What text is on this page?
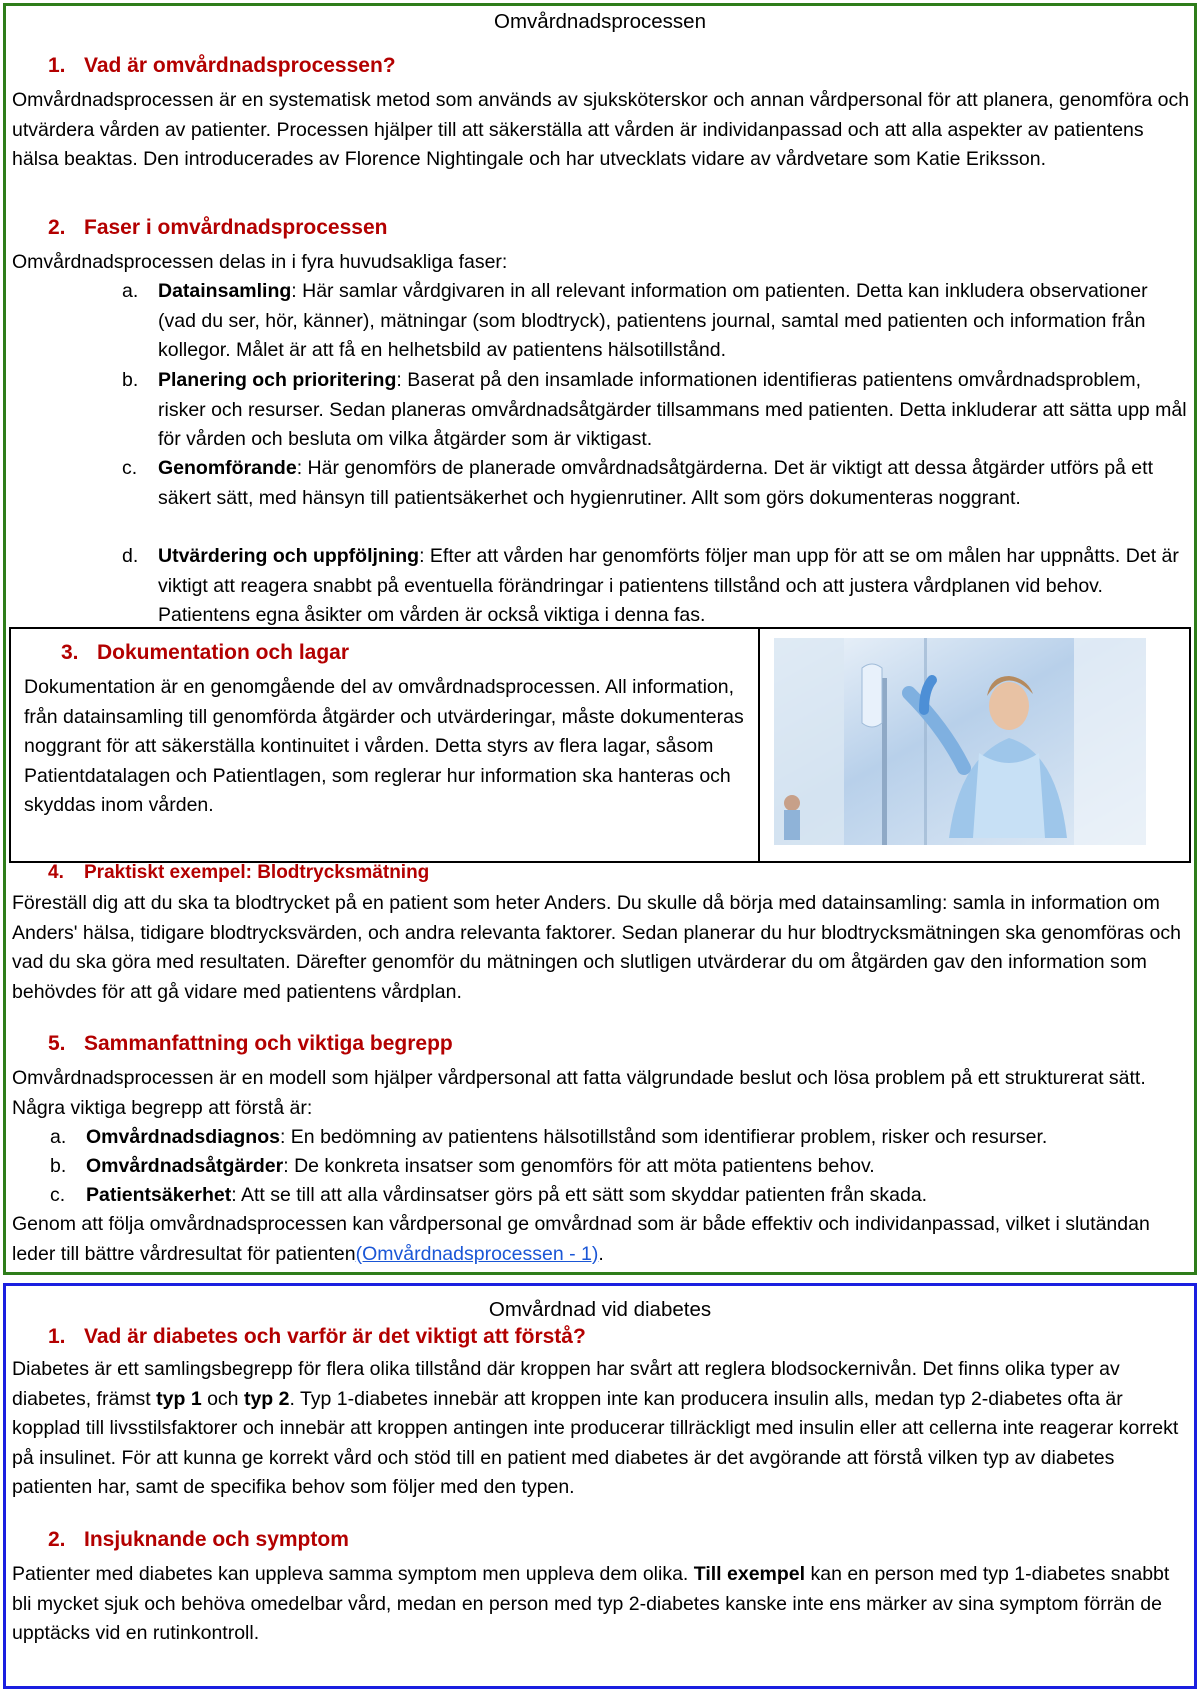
Omvårdnadsprocessen
1. Vad är omvårdnadsprocessen?
Omvårdnadsprocessen är en systematisk metod som används av sjuksköterskor och annan vårdpersonal för att planera, genomföra och utvärdera vården av patienter. Processen hjälper till att säkerställa att vården är individanpassad och att alla aspekter av patientens hälsa beaktas. Den introducerades av Florence Nightingale och har utvecklats vidare av vårdvetare som Katie Eriksson.
2. Faser i omvårdnadsprocessen
Omvårdnadsprocessen delas in i fyra huvudsakliga faser:
a. Datainsamling: Här samlar vårdgivaren in all relevant information om patienten. Detta kan inkludera observationer (vad du ser, hör, känner), mätningar (som blodtryck), patientens journal, samtal med patienten och information från kollegor. Målet är att få en helhetsbild av patientens hälsotillstånd.
b. Planering och prioritering: Baserat på den insamlade informationen identifieras patientens omvårdnadsproblem, risker och resurser. Sedan planeras omvårdnadsåtgärder tillsammans med patienten. Detta inkluderar att sätta upp mål för vården och besluta om vilka åtgärder som är viktigast.
c. Genomförande: Här genomförs de planerade omvårdnadsåtgärderna. Det är viktigt att dessa åtgärder utförs på ett säkert sätt, med hänsyn till patientsäkerhet och hygienrutiner. Allt som görs dokumenteras noggrant.
d. Utvärdering och uppföljning: Efter att vården har genomförts följer man upp för att se om målen har uppnåtts. Det är viktigt att reagera snabbt på eventuella förändringar i patientens tillstånd och att justera vårdplanen vid behov. Patientens egna åsikter om vården är också viktiga i denna fas.
3. Dokumentation och lagar
Dokumentation är en genomgående del av omvårdnadsprocessen. All information, från datainsamling till genomförda åtgärder och utvärderingar, måste dokumenteras noggrant för att säkerställa kontinuitet i vården. Detta styrs av flera lagar, såsom Patientdatalagen och Patientlagen, som reglerar hur information ska hanteras och skyddas inom vården.
4. Praktiskt exempel: Blodtrycksmätning
Föreställ dig att du ska ta blodtrycket på en patient som heter Anders. Du skulle då börja med datainsamling: samla in information om Anders' hälsa, tidigare blodtrycksvärden, och andra relevanta faktorer. Sedan planerar du hur blodtrycksmätningen ska genomföras och vad du ska göra med resultaten. Därefter genomför du mätningen och slutligen utvärderar du om åtgärden gav den information som behövdes för att gå vidare med patientens vårdplan.
5. Sammanfattning och viktiga begrepp
Omvårdnadsprocessen är en modell som hjälper vårdpersonal att fatta välgrundade beslut och lösa problem på ett strukturerat sätt. Några viktiga begrepp att förstå är:
a. Omvårdnadsdiagnos: En bedömning av patientens hälsotillstånd som identifierar problem, risker och resurser.
b. Omvårdnadsåtgärder: De konkreta insatser som genomförs för att möta patientens behov.
c. Patientsäkerhet: Att se till att alla vårdinsatser görs på ett sätt som skyddar patienten från skada.
Genom att följa omvårdnadsprocessen kan vårdpersonal ge omvårdnad som är både effektiv och individanpassad, vilket i slutändan leder till bättre vårdresultat för patienten(Omvårdnadsprocessen - 1).
Omvårdnad vid diabetes
1. Vad är diabetes och varför är det viktigt att förstå?
Diabetes är ett samlingsbegrepp för flera olika tillstånd där kroppen har svårt att reglera blodsockernivån. Det finns olika typer av diabetes, främst typ 1 och typ 2. Typ 1-diabetes innebär att kroppen inte kan producera insulin alls, medan typ 2-diabetes ofta är kopplad till livsstilsfaktorer och innebär att kroppen antingen inte producerar tillräckligt med insulin eller att cellerna inte reagerar korrekt på insulinet. För att kunna ge korrekt vård och stöd till en patient med diabetes är det avgörande att förstå vilken typ av diabetes patienten har, samt de specifika behov som följer med den typen.
2. Insjuknande och symptom
Patienter med diabetes kan uppleva samma symptom men uppleva dem olika. Till exempel kan en person med typ 1-diabetes snabbt bli mycket sjuk och behöva omedelbar vård, medan en person med typ 2-diabetes kanske inte ens märker av sina symptom förrän de upptäcks vid en rutinkontroll.
